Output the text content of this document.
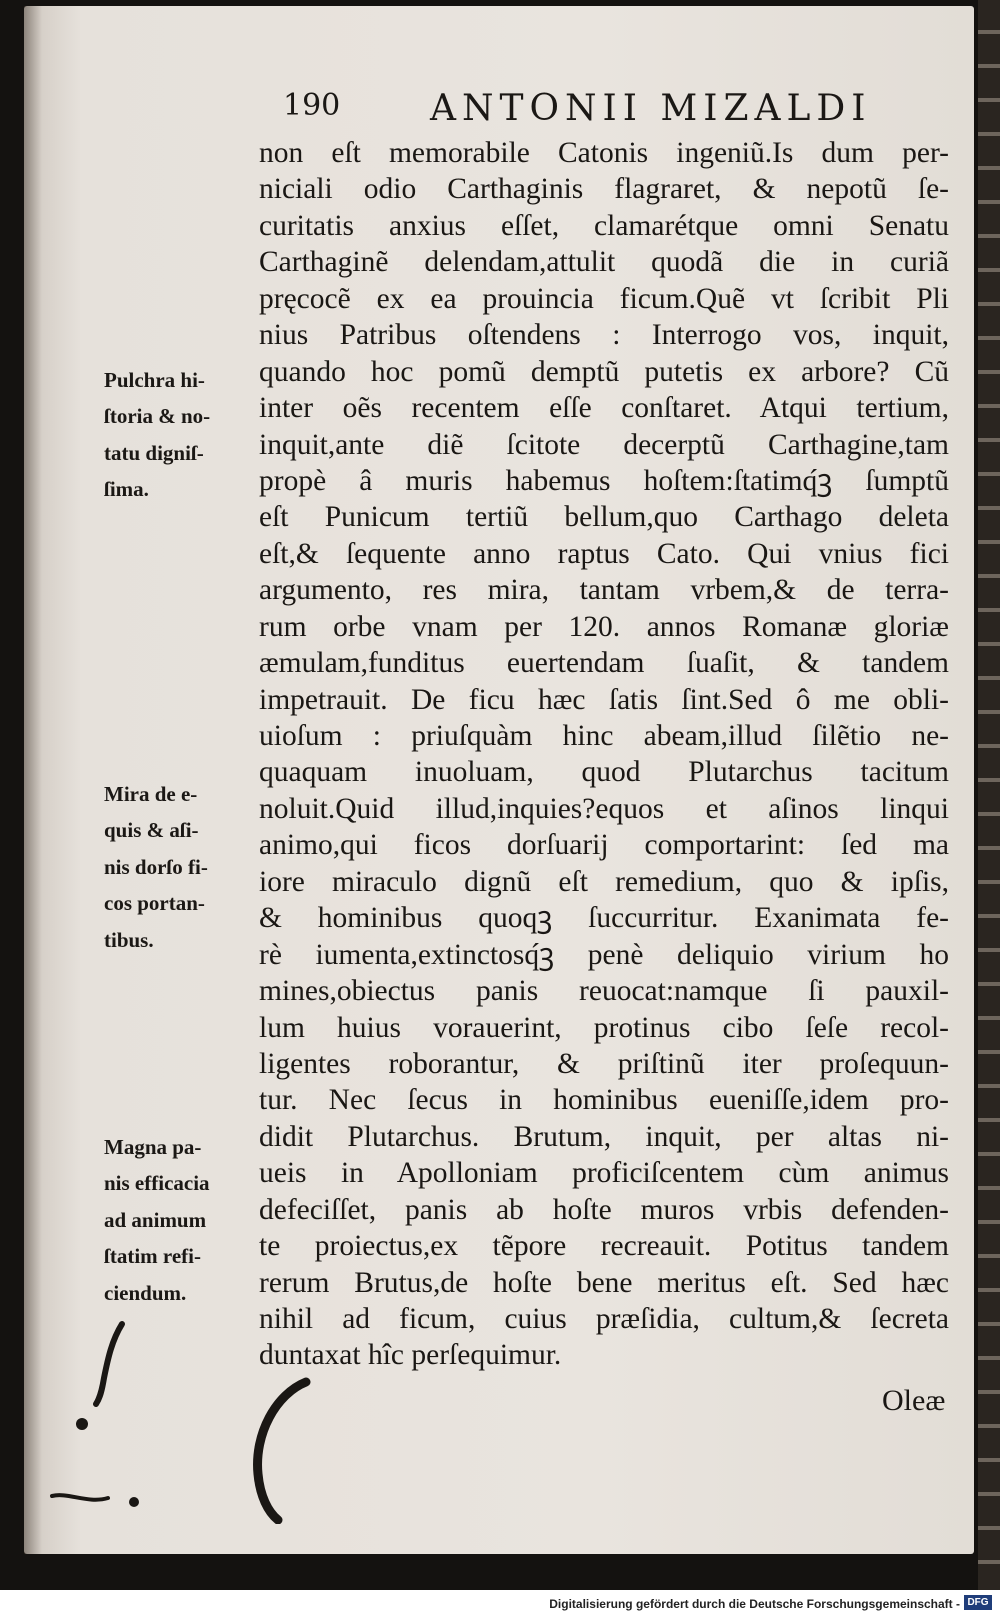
190 ANTONII MIZALDI
non eſt memorabile Catonis ingeniũ.Is dum per-
niciali odio Carthaginis flagraret, & nepotũ ſe-
curitatis anxius eſſet, clamarétque omni Senatu
Carthaginẽ delendam,attulit quodã die in curiã
pręcocẽ ex ea prouincia ficum.Quẽ vt ſcribit Pli
nius Patribus oſtendens : Interrogo vos, inquit,
quando hoc pomũ demptũ putetis ex arbore? Cũ
inter oẽs recentem eſſe conſtaret. Atqui tertium,
inquit,ante diẽ ſcitote decerptũ Carthagine,tam
propè â muris habemus hoſtem:ſtatimq́ꝫ ſumptũ
eſt Punicum tertiũ bellum,quo Carthago deleta
eſt,& ſequente anno raptus Cato. Qui vnius fici
argumento, res mira, tantam vrbem,& de terra-
rum orbe vnam per 120. annos Romanæ gloriæ
æmulam,funditus euertendam ſuaſit, & tandem
impetrauit. De ficu hæc ſatis ſint.Sed ô me obli-
uioſum : priuſquàm hinc abeam,illud ſilẽtio ne-
quaquam inuoluam, quod Plutarchus tacitum
noluit.Quid illud,inquies?equos et aſinos linqui
animo,qui ficos dorſuarij comportarint: ſed ma
iore miraculo dignũ eſt remedium, quo & ipſis,
& hominibus quoqꝫ ſuccurritur. Exanimata fe-
rè iumenta,extinctosq́ꝫ penè deliquio virium ho
mines,obiectus panis reuocat:namque ſi pauxil-
lum huius vorauerint, protinus cibo ſeſe recol-
ligentes roborantur, & priſtinũ iter proſequun-
tur. Nec ſecus in hominibus eueniſſe,idem pro-
didit Plutarchus. Brutum, inquit, per altas ni-
ueis in Apolloniam proficiſcentem cùm animus
defeciſſet, panis ab hoſte muros vrbis defenden-
te proiectus,ex tẽpore recreauit. Potitus tandem
rerum Brutus,de hoſte bene meritus eſt. Sed hæc
nihil ad ficum, cuius præſidia, cultum,& ſecreta
duntaxat hîc perſequimur.
Pulchra hi-
ſtoria & no-
tatu digniſ-
ſima.
Mira de e-
quis & aſi-
nis dorſo fi-
cos portan-
tibus.
Magna pa-
nis efficacia
ad animum
ſtatim refi-
ciendum.
Oleæ
Digitalisierung gefördert durch die Deutsche Forschungsgemeinschaft - DFG
